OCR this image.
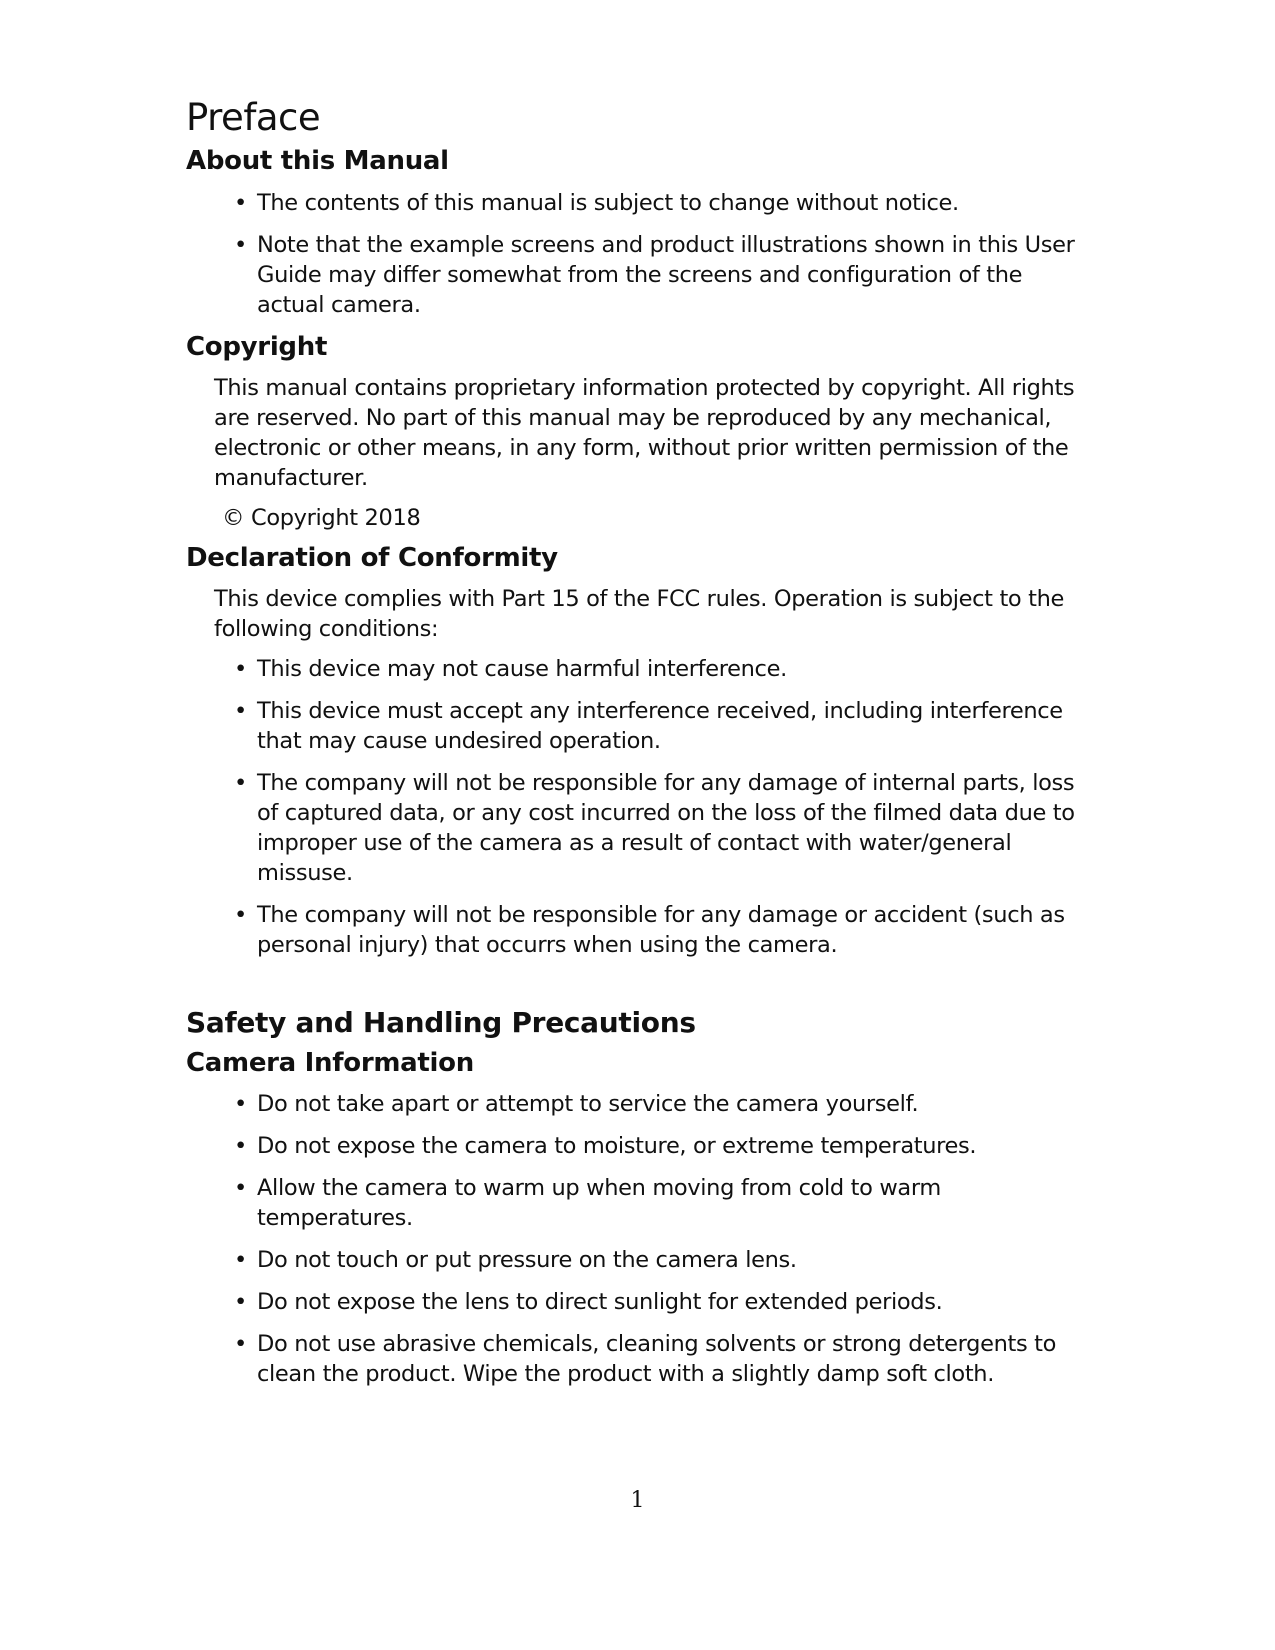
Preface
About this Manual
• The contents of this manual is subject to change without notice.
• Note that the example screens and product illustrations shown in this User Guide may differ somewhat from the screens and configuration of the actual camera.
Copyright

This manual contains proprietary information protected by copyright. All rights are reserved. No part of this manual may be reproduced by any mechanical, electronic or other means, in any form, without prior written permission of the manufacturer.

© Copyright 2018

Declaration of Conformity

This device complies with Part 15 of the FCC rules. Operation is subject to the following conditions:

• This device may not cause harmful interference.
• This device must accept any interference received, including interference that may cause undesired operation.
• The company will not be responsible for any damage of internal parts, loss of captured data, or any cost incurred on the loss of the filmed data due to improper use of the camera as a result of contact with water/general missuse.
• The company will not be responsible for any damage or accident (such as personal injury) that occurrs when using the camera.
Safety and Handling Precautions
Camera Information
• Do not take apart or attempt to service the camera yourself.
• Do not expose the camera to moisture, or extreme temperatures.
• Allow the camera to warm up when moving from cold to warm temperatures.
• Do not touch or put pressure on the camera lens.
• Do not expose the lens to direct sunlight for extended periods.
• Do not use abrasive chemicals, cleaning solvents or strong detergents to clean the product. Wipe the product with a slightly damp soft cloth.
1
